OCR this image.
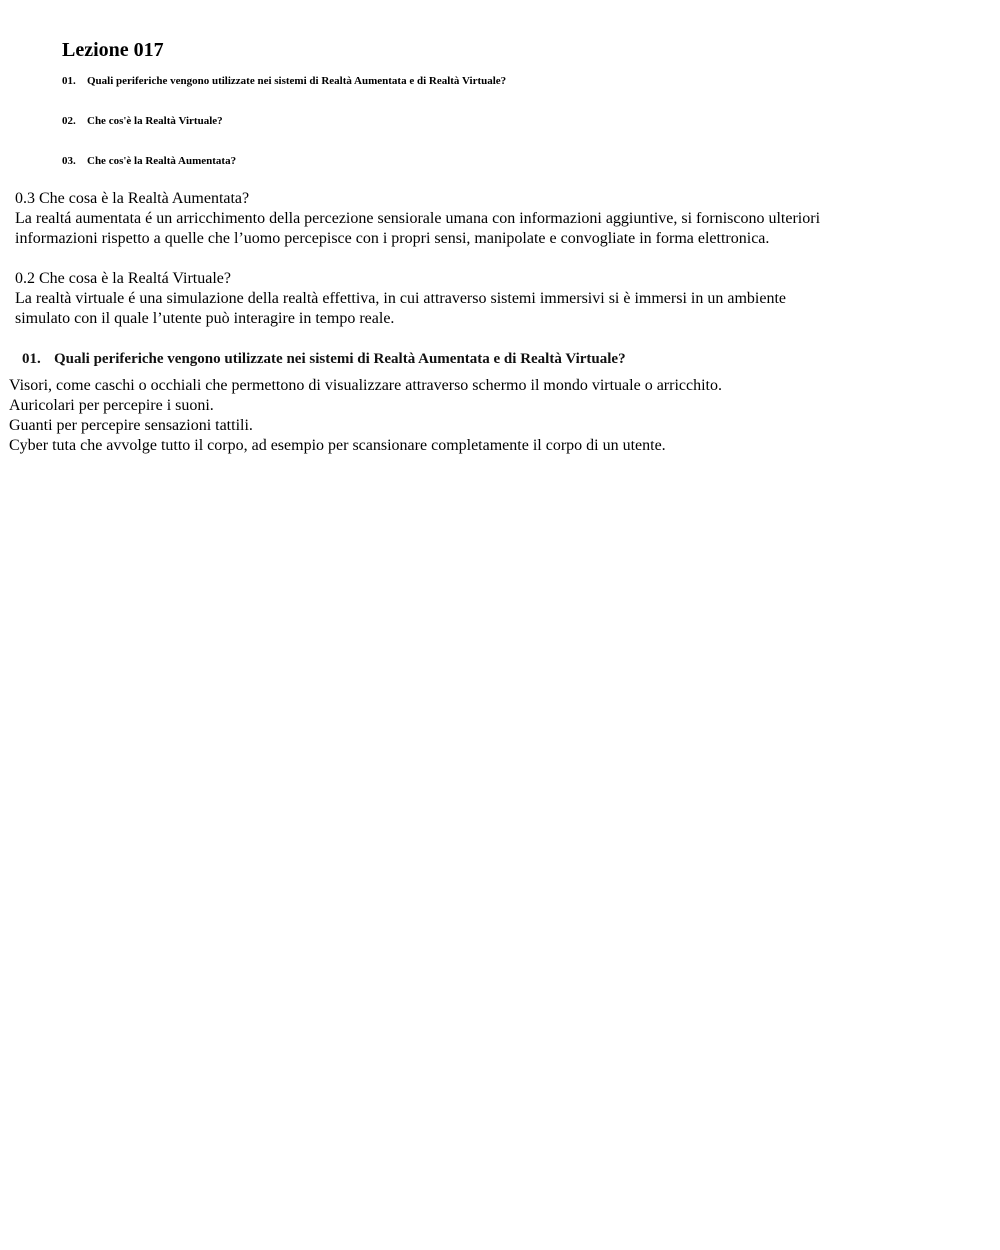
Lezione 017
01. Quali periferiche vengono utilizzate nei sistemi di Realtà Aumentata e di Realtà Virtuale?
02. Che cos'è la Realtà Virtuale?
03. Che cos'è la Realtà Aumentata?

0.3 Che cosa è la Realtà Aumentata?

La realtá aumentata é un arricchimento della percezione sensiorale umana con informazioni aggiuntive, si forniscono ulteriori

informazioni rispetto a quelle che l’uomo percepisce con i propri sensi, manipolate e convogliate in forma elettronica.

0.2 Che cosa è la Realtá Virtuale?

La realtà virtuale é una simulazione della realtà effettiva, in cui attraverso sistemi immersivi si è immersi in un ambiente

simulato con il quale l’utente può interagire in tempo reale.

01. Quali periferiche vengono utilizzate nei sistemi di Realtà Aumentata e di Realtà Virtuale?
Visori, come caschi o occhiali che permettono di visualizzare attraverso schermo il mondo virtuale o arricchito.
Auricolari per percepire i suoni.
Guanti per percepire sensazioni tattili.
Cyber tuta che avvolge tutto il corpo, ad esempio per scansionare completamente il corpo di un utente.
